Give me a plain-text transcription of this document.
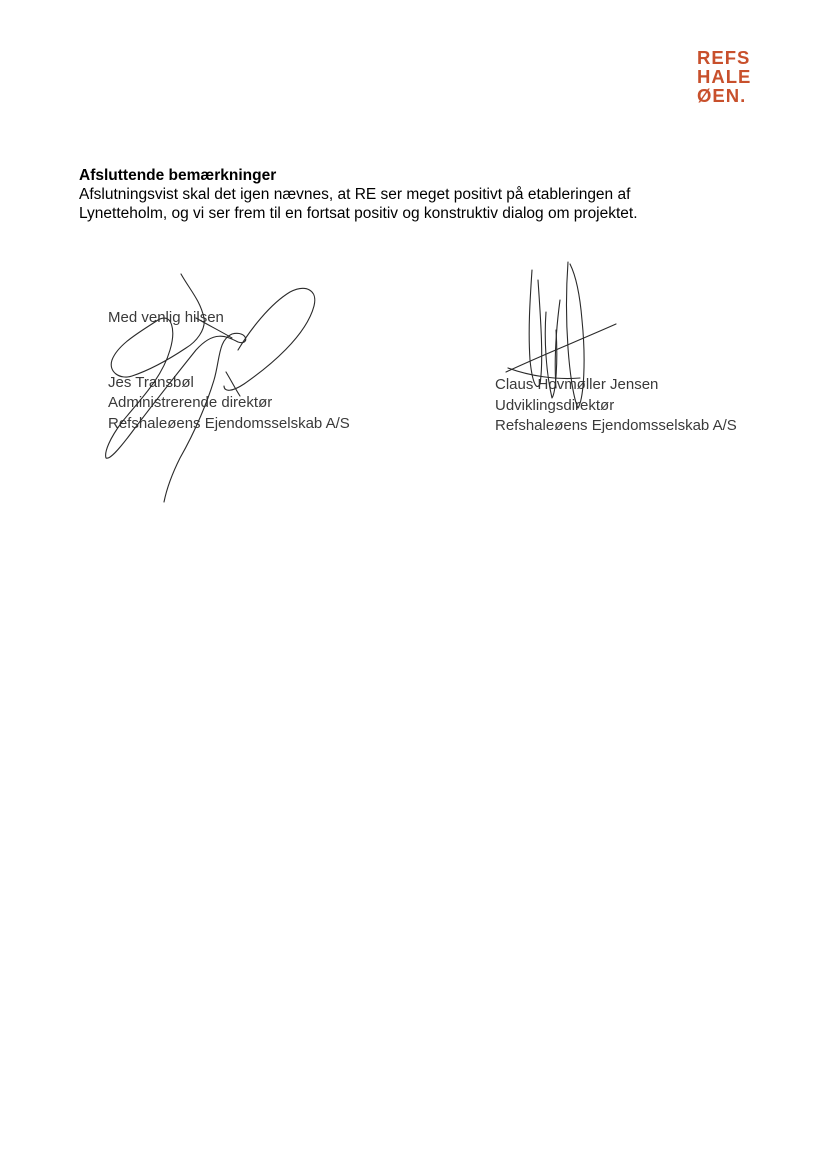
REFS
HALE
ØEN.
Afsluttende bemærkninger

Afslutningsvist skal det igen nævnes, at RE ser meget positivt på etableringen af
Lynetteholm, og vi ser frem til en fortsat positiv og konstruktiv dialog om projektet.

Med venlig hilsen
Jes Transbøl
Administrerende direktør
Refshaleøens Ejendomsselskab A/S
Claus Hovmøller Jensen
Udviklingsdirektør
Refshaleøens Ejendomsselskab A/S
